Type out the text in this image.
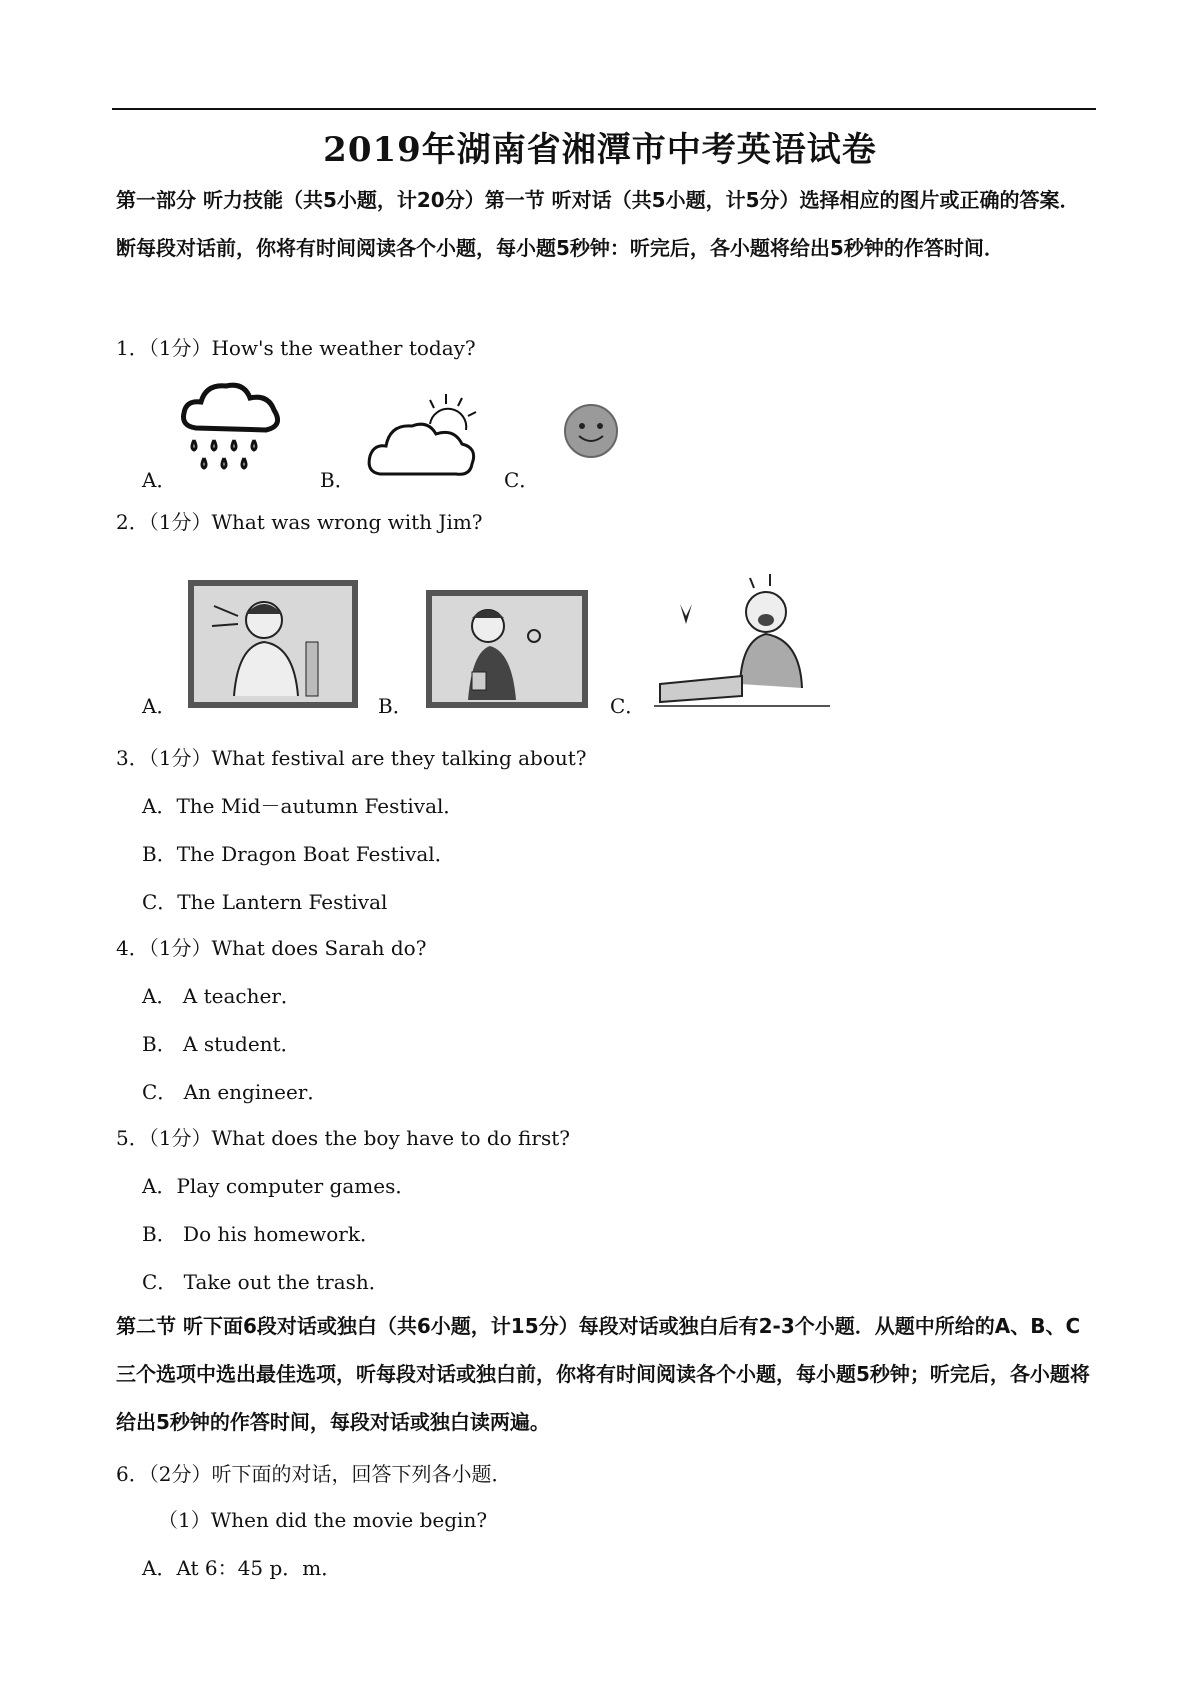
2019年湖南省湘潭市中考英语试卷
第一部分 听力技能（共5小题，计20分）第一节 听对话（共5小题，计5分）选择相应的图片或正确的答案．断每段对话前，你将有时间阅读各个小题，每小题5秒钟：听完后，各小题将给出5秒钟的作答时间．
1．（1分）How's the weather today?
A．	B．	C．
2．（1分）What was wrong with Jim?
A．	B．	C．
3．（1分）What festival are they talking about?
A．The Mid－autumn Festival．
B．The Dragon Boat Festival．
C．The Lantern Festival
4．（1分）What does Sarah do?
A． A teacher．
B． A student．
C． An engineer．
5．（1分）What does the boy have to do first?
A．Play computer games．
B． Do his homework．
C． Take out the trash．
第二节 听下面6段对话或独白（共6小题，计15分）每段对话或独白后有2-3个小题．从题中所给的A、B、C三个选项中选出最佳选项，听每段对话或独白前，你将有时间阅读各个小题，每小题5秒钟；听完后，各小题将给出5秒钟的作答时间，每段对话或独白读两遍。
6．（2分）听下面的对话，回答下列各小题．
（1）When did the movie begin?
A．At 6：45 p．m．
